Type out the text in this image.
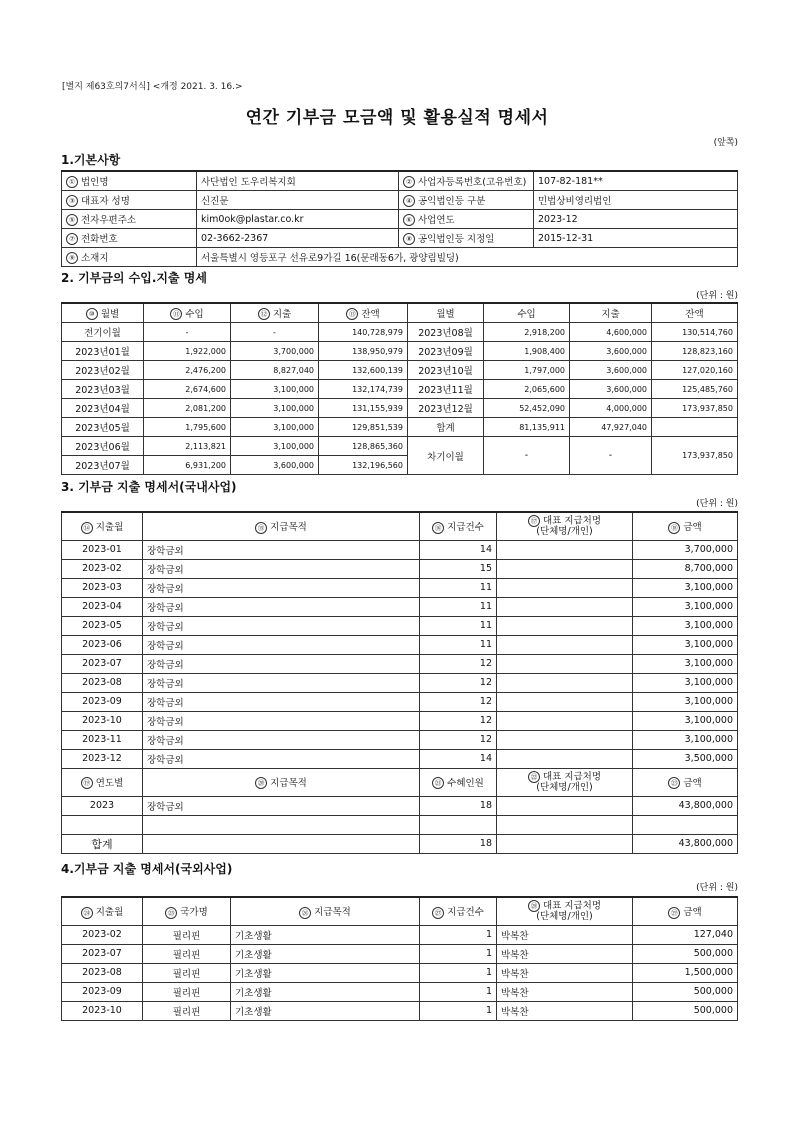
[별지 제63호의7서식] <개정 2021. 3. 16.>
연간 기부금 모금액 및 활용실적 명세서
(앞쪽)
1.기본사항
① 법인명	사단법인 도우리복지회	② 사업자등록번호(고유번호)	107-82-181**
③ 대표자 성명	신진문	④ 공익법인등 구분	민법상비영리법인
⑤ 전자우편주소	kim0ok@plastar.co.kr	⑥ 사업연도	2023-12
⑦ 전화번호	02-3662-2367	⑧ 공익법인등 지정일	2015-12-31
⑨ 소재지	서울특별시 영등포구 선유로9가길 16(문래동6가, 광양림빌딩)		
2. 기부금의 수입.지출 명세
(단위 : 원)
⑩ 월별	⑪ 수입	⑫ 지출	⑬ 잔액	월별	수입	지출	잔액
전기이월	-	-	140,728,979	2023년08월	2,918,200	4,600,000	130,514,760
2023년01월	1,922,000	3,700,000	138,950,979	2023년09월	1,908,400	3,600,000	128,823,160
2023년02월	2,476,200	8,827,040	132,600,139	2023년10월	1,797,000	3,600,000	127,020,160
2023년03월	2,674,600	3,100,000	132,174,739	2023년11월	2,065,600	3,600,000	125,485,760
2023년04월	2,081,200	3,100,000	131,155,939	2023년12월	52,452,090	4,000,000	173,937,850
2023년05월	1,795,600	3,100,000	129,851,539	합계	81,135,911	47,927,040	
2023년06월	2,113,821	3,100,000	128,865,360	차기이월	-	-	173,937,850
2023년07월	6,931,200	3,600,000	132,196,560				
3. 기부금 지출 명세서(국내사업)
(단위 : 원)
⑭ 지출월	⑮ 지급목적	⑯ 지급건수	⑰ 대표 지급처명
(단체명/개인)	⑱ 금액
2023-01	장학금외	14		3,700,000
2023-02	장학금외	15		8,700,000
2023-03	장학금외	11		3,100,000
2023-04	장학금외	11		3,100,000
2023-05	장학금외	11		3,100,000
2023-06	장학금외	11		3,100,000
2023-07	장학금외	12		3,100,000
2023-08	장학금외	12		3,100,000
2023-09	장학금외	12		3,100,000
2023-10	장학금외	12		3,100,000
2023-11	장학금외	12		3,100,000
2023-12	장학금외	14		3,500,000
⑲ 연도별	⑳ 지급목적	㉑ 수혜인원	㉒ 대표 지급처명
(단체명/개인)	㉓ 금액
2023	장학금외	18		43,800,000

합계		18		43,800,000
4.기부금 지출 명세서(국외사업)
(단위 : 원)
㉔ 지출월	㉕ 국가명	㉖ 지급목적	㉗ 지급건수	㉘ 대표 지급처명
(단체명/개인)	㉙ 금액
2023-02	필리핀	기초생활	1	박복찬	127,040
2023-07	필리핀	기초생활	1	박복찬	500,000
2023-08	필리핀	기초생활	1	박복찬	1,500,000
2023-09	필리핀	기초생활	1	박복찬	500,000
2023-10	필리핀	기초생활	1	박복찬	500,000
